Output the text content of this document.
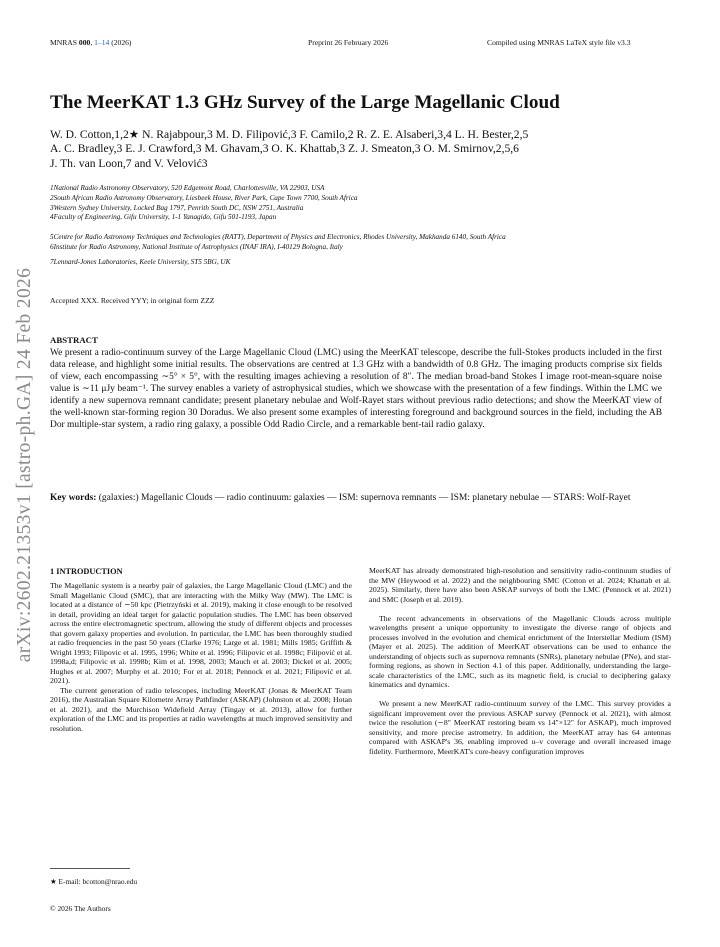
MNRAS 000, 1–14 (2026)	Preprint 26 February 2026	Compiled using MNRAS LaTeX style file v3.3
arXiv:2602.21353v1 [astro-ph.GA] 24 Feb 2026
The MeerKAT 1.3 GHz Survey of the Large Magellanic Cloud
W. D. Cotton,1,2★ N. Rajabpour,3 M. D. Filipović,3 F. Camilo,2 R. Z. E. Alsaberi,3,4 L. H. Bester,2,5
A. C. Bradley,3 E. J. Crawford,3 M. Ghavam,3 O. K. Khattab,3 Z. J. Smeaton,3 O. M. Smirnov,2,5,6
J. Th. van Loon,7 and V. Velović3
1National Radio Astronomy Observatory, 520 Edgemont Road, Charlottesville, VA 22903, USA
2South African Radio Astronomy Observatory, Liesbeek House, River Park, Cape Town 7700, South Africa
3Western Sydney University, Locked Bag 1797, Penrith South DC, NSW 2751, Australia
4Faculty of Engineering, Gifu University, 1-1 Yanagido, Gifu 501-1193, Japan
5Centre for Radio Astronomy Techniques and Technologies (RATT), Department of Physics and Electronics, Rhodes University, Makhanda 6140, South Africa
6Institute for Radio Astronomy, National Institute of Astrophysics (INAF IRA), I-40129 Bologna, Italy
7Lennard-Jones Laboratories, Keele University, ST5 5BG, UK
Accepted XXX. Received YYY; in original form ZZZ
ABSTRACT
We present a radio-continuum survey of the Large Magellanic Cloud (LMC) using the MeerKAT telescope, describe the full-Stokes products included in the first data release, and highlight some initial results. The observations are centred at 1.3 GHz with a bandwidth of 0.8 GHz. The imaging products comprise six fields of view, each encompassing ∼5° × 5°, with the resulting images achieving a resolution of 8″. The median broad-band Stokes I image root-mean-square noise value is ∼11 μJy beam⁻¹. The survey enables a variety of astrophysical studies, which we showcase with the presentation of a few findings. Within the LMC we identify a new supernova remnant candidate; present planetary nebulae and Wolf-Rayet stars without previous radio detections; and show the MeerKAT view of the well-known star-forming region 30 Doradus. We also present some examples of interesting foreground and background sources in the field, including the AB Dor multiple-star system, a radio ring galaxy, a possible Odd Radio Circle, and a remarkable bent-tail radio galaxy.
Key words: (galaxies:) Magellanic Clouds — radio continuum: galaxies — ISM: supernova remnants — ISM: planetary nebulae — STARS: Wolf-Rayet
1 INTRODUCTION

The Magellanic system is a nearby pair of galaxies, the Large Magellanic Cloud (LMC) and the Small Magellanic Cloud (SMC), that are interacting with the Milky Way (MW). The LMC is located at a distance of ∼50 kpc (Pietrzyński et al. 2019), making it close enough to be resolved in detail, providing an ideal target for galactic population studies. The LMC has been observed across the entire electromagnetic spectrum, allowing the study of different objects and processes that govern galaxy properties and evolution. In particular, the LMC has been thoroughly studied at radio frequencies in the past 50 years (Clarke 1976; Large et al. 1981; Mills 1985; Griffith & Wright 1993; Filipovic et al. 1995, 1996; White et al. 1996; Filipovic et al. 1998c; Filipović et al. 1998a,d; Filipovic et al. 1998b; Kim et al. 1998, 2003; Mauch et al. 2003; Dickel et al. 2005; Hughes et al. 2007; Murphy et al. 2010; For et al. 2018; Pennock et al. 2021; Filipović et al. 2021).

The current generation of radio telescopes, including MeerKAT (Jonas & MeerKAT Team 2016), the Australian Square Kilometre Array Pathfinder (ASKAP) (Johnston et al. 2008; Hotan et al. 2021), and the Murchison Widefield Array (Tingay et al. 2013), allow for further exploration of the LMC and its properties at radio wavelengths at much improved sensitivity and resolution.

★ E-mail: bcotton@nrao.edu
© 2026 The Authors

MeerKAT has already demonstrated high-resolution and sensitivity radio-continuum studies of the MW (Heywood et al. 2022) and the neighbouring SMC (Cotton et al. 2024; Khattab et al. 2025). Similarly, there have also been ASKAP surveys of both the LMC (Pennock et al. 2021) and SMC (Joseph et al. 2019).

The recent advancements in observations of the Magellanic Clouds across multiple wavelengths present a unique opportunity to investigate the diverse range of objects and processes involved in the evolution and chemical enrichment of the Interstellar Medium (ISM) (Mayer et al. 2025). The addition of MeerKAT observations can be used to enhance the understanding of objects such as supernova remnants (SNRs), planetary nebulae (PNe), and star-forming regions, as shown in Section 4.1 of this paper. Additionally, understanding the large-scale characteristics of the LMC, such as its magnetic field, is crucial to deciphering galaxy kinematics and dynamics.

We present a new MeerKAT radio-continuum survey of the LMC. This survey provides a significant improvement over the previous ASKAP survey (Pennock et al. 2021), with almost twice the resolution (∼8″ MeerKAT restoring beam vs 14″×12″ for ASKAP), much improved sensitivity, and more precise astrometry. In addition, the MeerKAT array has 64 antennas compared with ASKAP's 36, enabling improved u–v coverage and overall increased image fidelity. Furthermore, MeerKAT's core-heavy configuration improves
